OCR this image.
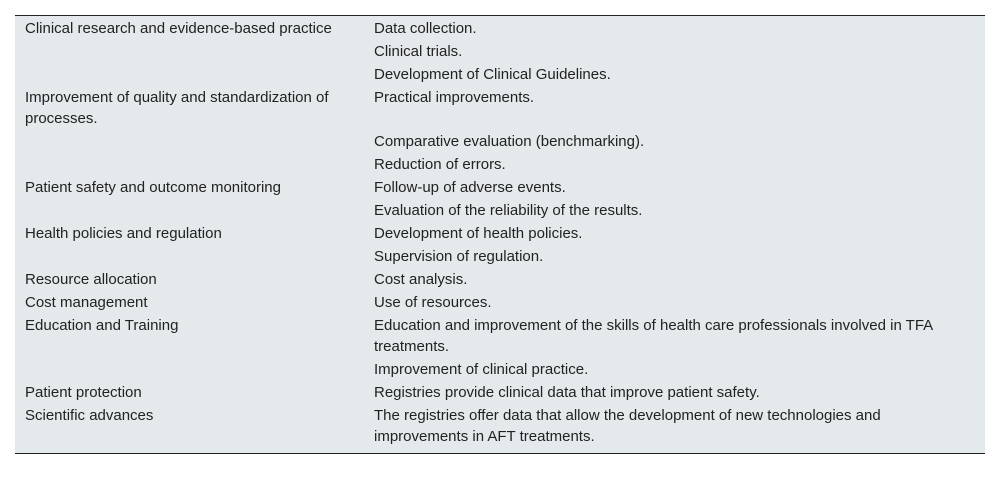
Clinical research and evidence-based practice	Data collection.
	Clinical trials.
	Development of Clinical Guidelines.
Improvement of quality and standardization of processes.	Practical improvements.
	Comparative evaluation (benchmarking).
	Reduction of errors.
Patient safety and outcome monitoring	Follow-up of adverse events.
	Evaluation of the reliability of the results.
Health policies and regulation	Development of health policies.
	Supervision of regulation.
Resource allocation	Cost analysis.
Cost management	Use of resources.
Education and Training	Education and improvement of the skills of health care professionals involved in TFA treatments.
	Improvement of clinical practice.
Patient protection	Registries provide clinical data that improve patient safety.
Scientific advances	The registries offer data that allow the development of new technologies and improvements in AFT treatments.
